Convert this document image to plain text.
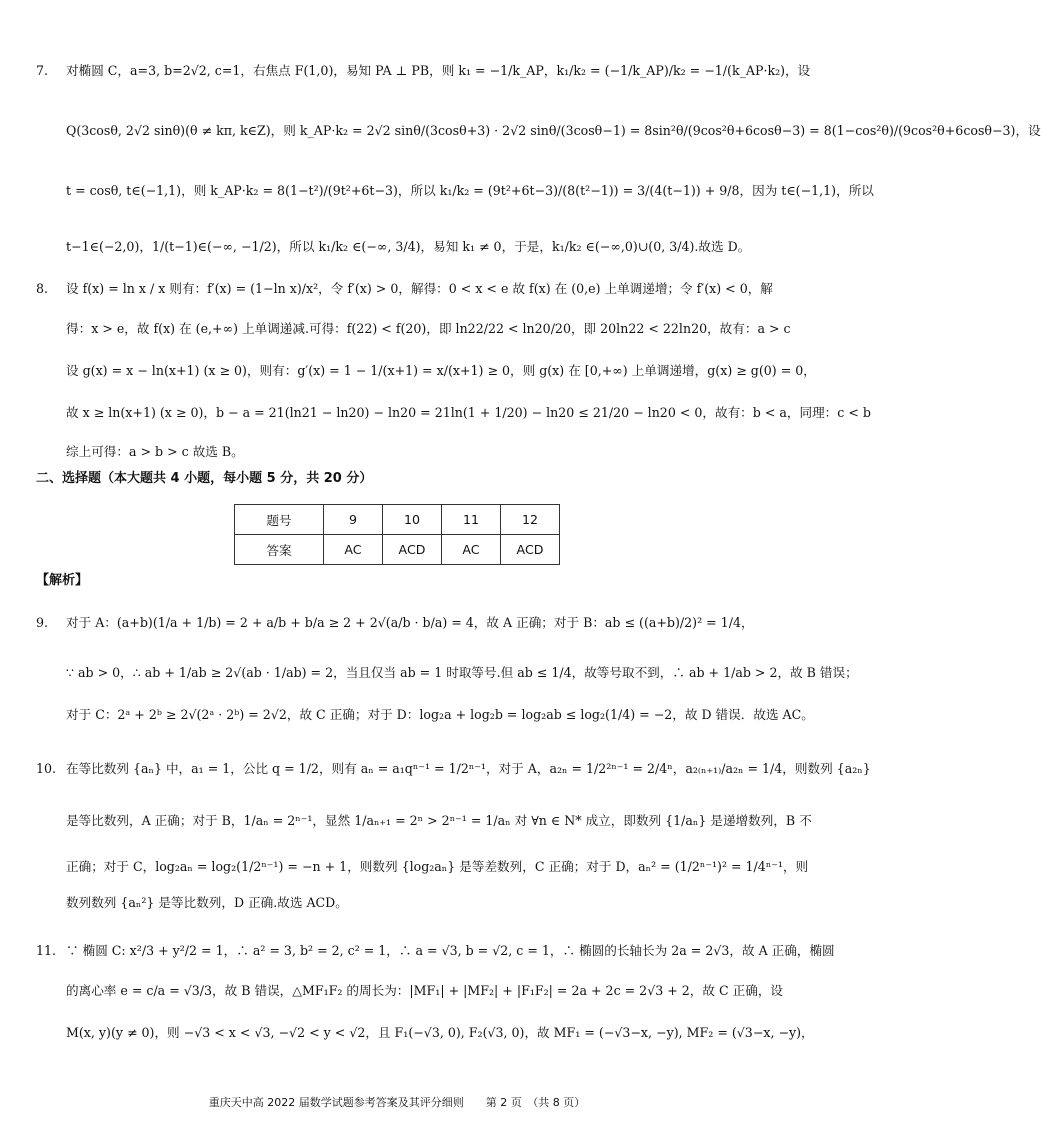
7. 对椭圆 C，a=3, b=2√2, c=1，右焦点 F(1,0)，易知 PA ⊥ PB，则 k₁ = −1/k_AP，k₁/k₂ = (−1/k_AP)/k₂ = −1/(k_AP·k₂)，设
Q(3cosθ, 2√2 sinθ)(θ ≠ kπ, k∈Z)，则 k_AP·k₂ = 2√2 sinθ/(3cosθ+3) · 2√2 sinθ/(3cosθ−1) = 8sin²θ/(9cos²θ+6cosθ−3) = 8(1−cos²θ)/(9cos²θ+6cosθ−3)，设
t = cosθ, t∈(−1,1)，则 k_AP·k₂ = 8(1−t²)/(9t²+6t−3)，所以 k₁/k₂ = (9t²+6t−3)/(8(t²−1)) = 3/(4(t−1)) + 9/8，因为 t∈(−1,1)，所以
t−1∈(−2,0)，1/(t−1)∈(−∞, −1/2)，所以 k₁/k₂ ∈(−∞, 3/4)，易知 k₁ ≠ 0，于是，k₁/k₂ ∈(−∞,0)∪(0, 3/4).故选 D。
8. 设 f(x) = ln x / x 则有：f′(x) = (1−ln x)/x²，令 f′(x) > 0，解得：0 < x < e 故 f(x) 在 (0,e) 上单调递增；令 f′(x) < 0，解
得：x > e，故 f(x) 在 (e,+∞) 上单调递减.可得：f(22) < f(20)，即 ln22/22 < ln20/20，即 20ln22 < 22ln20，故有：a > c
设 g(x) = x − ln(x+1) (x ≥ 0)，则有：g′(x) = 1 − 1/(x+1) = x/(x+1) ≥ 0，则 g(x) 在 [0,+∞) 上单调递增，g(x) ≥ g(0) = 0，
故 x ≥ ln(x+1) (x ≥ 0)，b − a = 21(ln21 − ln20) − ln20 = 21ln(1 + 1/20) − ln20 ≤ 21/20 − ln20 < 0，故有：b < a，同理：c < b
综上可得：a > b > c 故选 B。
二、选择题（本大题共 4 小题，每小题 5 分，共 20 分）
题号	9	10	11	12
答案	AC	ACD	AC	ACD
【解析】
9. 对于 A：(a+b)(1/a + 1/b) = 2 + a/b + b/a ≥ 2 + 2√(a/b · b/a) = 4，故 A 正确；对于 B：ab ≤ ((a+b)/2)² = 1/4，
∵ ab > 0，∴ ab + 1/ab ≥ 2√(ab · 1/ab) = 2，当且仅当 ab = 1 时取等号.但 ab ≤ 1/4，故等号取不到，∴ ab + 1/ab > 2，故 B 错误；
对于 C：2ᵃ + 2ᵇ ≥ 2√(2ᵃ · 2ᵇ) = 2√2，故 C 正确；对于 D：log₂a + log₂b = log₂ab ≤ log₂(1/4) = −2，故 D 错误．故选 AC。
10. 在等比数列 {aₙ} 中，a₁ = 1，公比 q = 1/2，则有 aₙ = a₁qⁿ⁻¹ = 1/2ⁿ⁻¹，对于 A，a₂ₙ = 1/2²ⁿ⁻¹ = 2/4ⁿ，a₂₍ₙ₊₁₎/a₂ₙ = 1/4，则数列 {a₂ₙ}
是等比数列，A 正确；对于 B，1/aₙ = 2ⁿ⁻¹，显然 1/aₙ₊₁ = 2ⁿ > 2ⁿ⁻¹ = 1/aₙ 对 ∀n ∈ N* 成立，即数列 {1/aₙ} 是递增数列，B 不
正确；对于 C，log₂aₙ = log₂(1/2ⁿ⁻¹) = −n + 1，则数列 {log₂aₙ} 是等差数列，C 正确；对于 D，aₙ² = (1/2ⁿ⁻¹)² = 1/4ⁿ⁻¹，则
数列数列 {aₙ²} 是等比数列，D 正确.故选 ACD。
11. ∵ 椭圆 C: x²/3 + y²/2 = 1，∴ a² = 3, b² = 2, c² = 1，∴ a = √3, b = √2, c = 1，∴ 椭圆的长轴长为 2a = 2√3，故 A 正确，椭圆
的离心率 e = c/a = √3/3，故 B 错误，△MF₁F₂ 的周长为：|MF₁| + |MF₂| + |F₁F₂| = 2a + 2c = 2√3 + 2，故 C 正确，设
M(x, y)(y ≠ 0)，则 −√3 < x < √3, −√2 < y < √2，且 F₁(−√3, 0), F₂(√3, 0)，故 MF₁ = (−√3−x, −y), MF₂ = (√3−x, −y)，
重庆天中高 2022 届数学试题参考答案及其评分细则　　第 2 页　（共 8 页）
